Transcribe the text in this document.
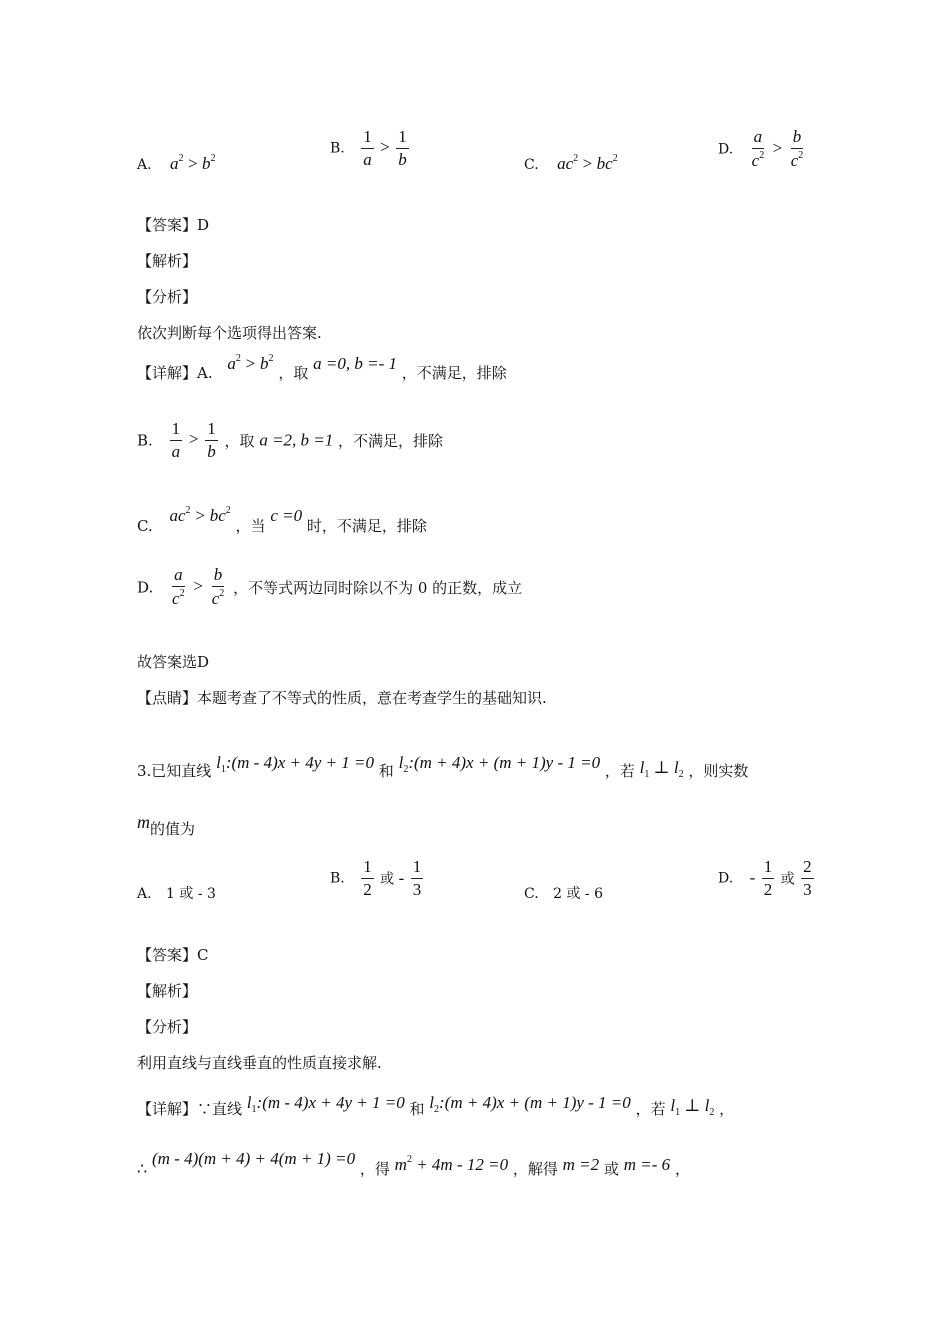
A. $a^2 > b^2$
B. $\frac{1}{a} > \frac{1}{b}$	C. $ac^2 > bc^2$
D. $\frac{a}{c^2} > \frac{b}{c^2}$
【答案】D
【解析】
【分析】
依次判断每个选项得出答案.
【详解】A. $a^2 > b^2$ ，取 a =0, b =- 1 ，不满足，排除
B. $\frac{1}{a} > \frac{1}{b}$ ，取 a =2, b =1 ，不满足，排除
C. $ac^2 > bc^2$ ，当 c =0 时，不满足，排除
D. $\frac{a}{c^2} > \frac{b}{c^2}$ ，不等式两边同时除以不为 0 的正数，成立
故答案选D
【点睛】本题考查了不等式的性质，意在考查学生的基础知识.
3.已知直线 $l_1:(m - 4)x + 4y + 1 =0$ 和 $l_2:(m + 4)x + (m + 1)y - 1 =0$ ，若 $l_1$ ⊥ $l_2$ ，则实数
m的值为
A. 1 或 - 3
B. $\frac{1}{2}$ 或 - $\frac{1}{3}$	C. 2 或 - 6
D. - $\frac{1}{2}$ 或 $\frac{2}{3}$
【答案】C
【解析】
【分析】
利用直线与直线垂直的性质直接求解.
【详解】∵直线 $l_1:(m - 4)x + 4y + 1 =0$ 和 $l_2:(m + 4)x + (m + 1)y - 1 =0$ ，若 $l_1$ ⊥ $l_2$ ，
∴ (m - 4)(m + 4) + 4(m + 1) =0 ，得 $m^2 + 4m - 12 =0$ ，解得 m =2 或 m =- 6 ，
